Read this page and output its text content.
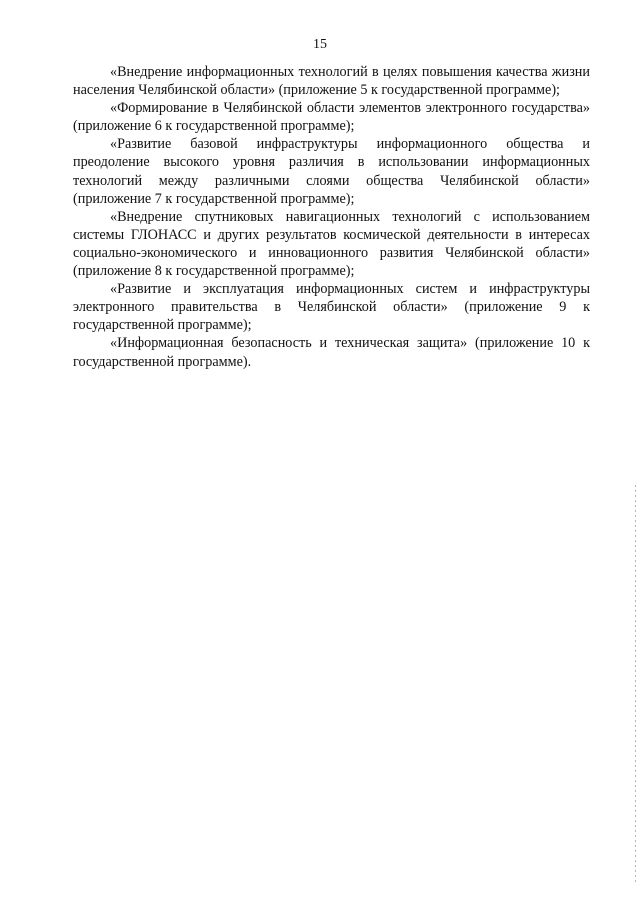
15

«Внедрение информационных технологий в целях повышения качества жизни населения Челябинской области» (приложение 5 к государственной программе);

«Формирование в Челябинской области элементов электронного государства» (приложение 6 к государственной программе);

«Развитие базовой инфраструктуры информационного общества и преодоление высокого уровня различия в использовании информационных технологий между различными слоями общества Челябинской области» (приложение 7 к государственной программе);

«Внедрение спутниковых навигационных технологий с использованием системы ГЛОНАСС и других результатов космической деятельности в интересах социально-экономического и инновационного развития Челябинской области» (приложение 8 к государственной программе);

«Развитие и эксплуатация информационных систем и инфраструктуры электронного правительства в Челябинской области» (приложение 9 к государственной программе);

«Информационная безопасность и техническая защита» (приложение 10 к государственной программе).
